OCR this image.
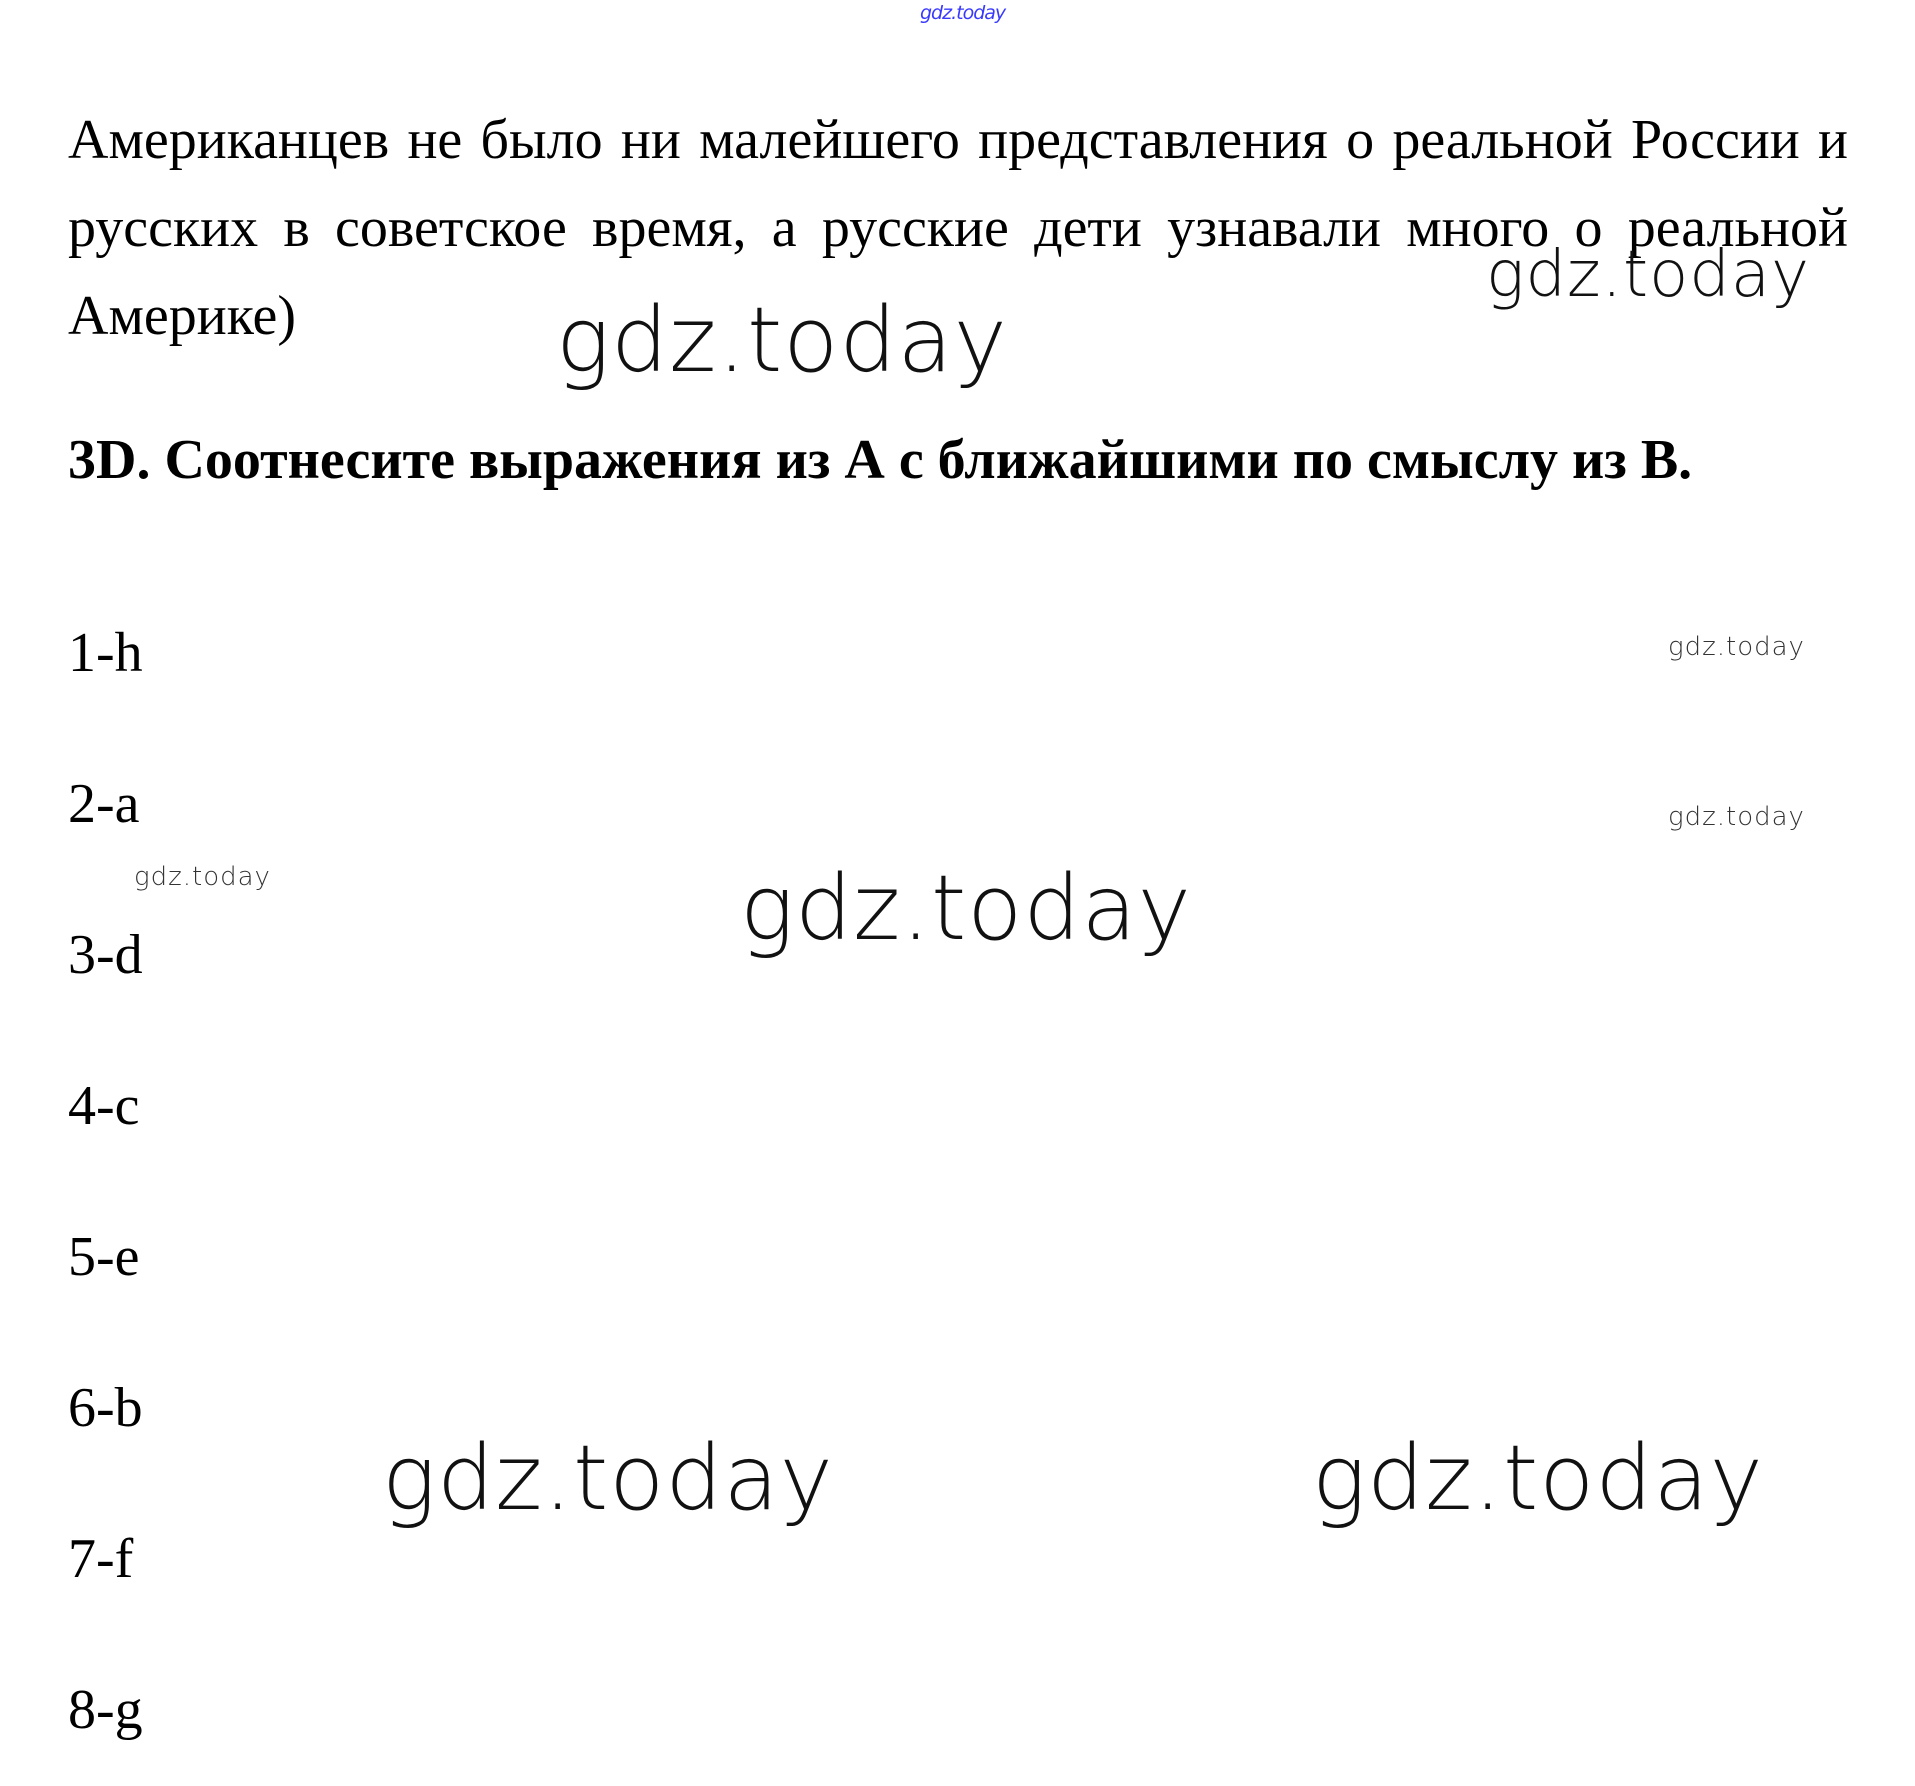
gdz.today

Американцев не было ни малейшего представления о реальной России и русских в советское время, а русские дети узнавали много о реальной Америке)

3D. Соотнесите выражения из А с ближайшими по смыслу из В.
1-h
2-a
3-d
4-c
5-e
6-b
7-f
8-g
gdz.today
gdz.today
gdz.today
gdz.today
gdz.today	gdz.today
gdz.today	gdz.today
